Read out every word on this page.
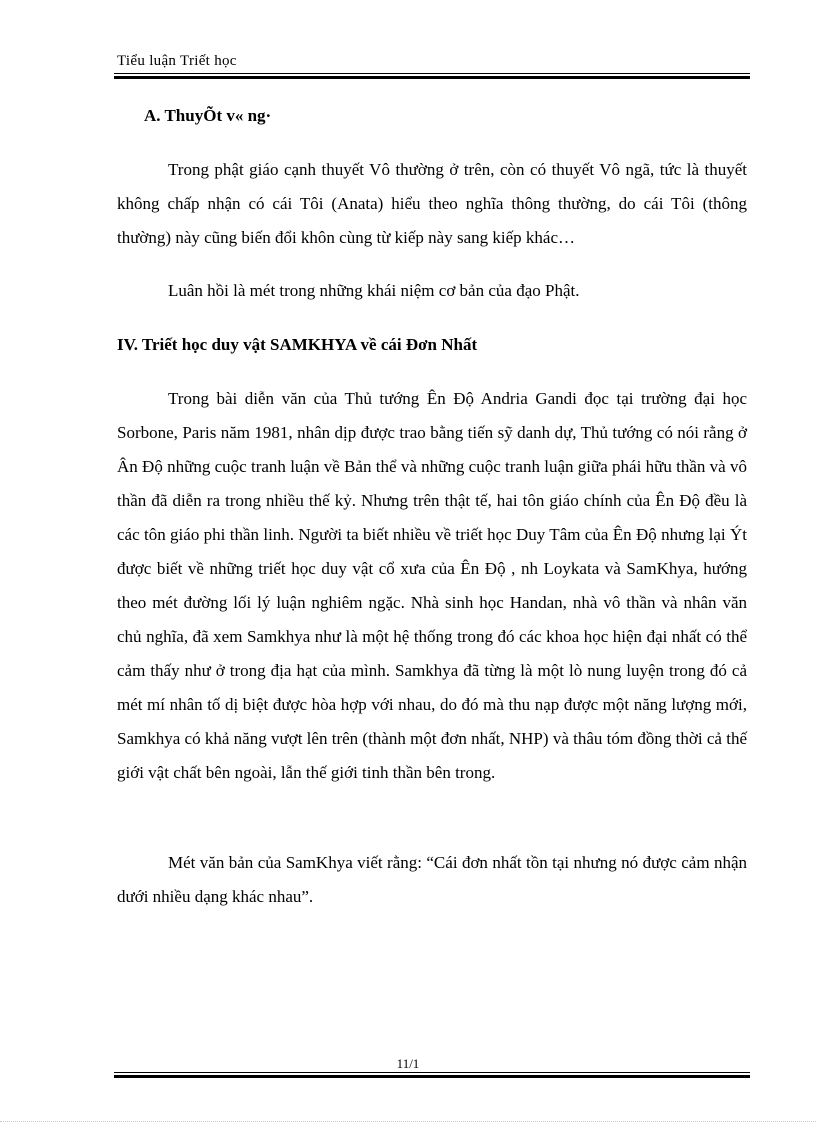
Tiểu luận Triết học
A. ThuyÕt v« ng·

Trong phật giáo cạnh thuyết Vô thường ở trên, còn có thuyết Vô ngã, tức là thuyết không chấp nhận có cái Tôi (Anata) hiểu theo nghĩa thông thường, do cái Tôi (thông thường) này cũng biến đổi khôn cùng từ kiếp này sang kiếp khác…

Luân hồi là mét trong những khái niệm cơ bản của đạo Phật.

IV. Triết học duy vật SAMKHYA về cái Đơn Nhất

Trong bài diễn văn của Thủ tướng Ên Độ Andria Gandi đọc tại trường đại học Sorbone, Paris năm 1981, nhân dịp được trao bằng tiến sỹ danh dự, Thủ tướng có nói rằng ở Ân Độ những cuộc tranh luận về Bản thể và những cuộc tranh luận giữa phái hữu thần và vô thần đã diễn ra trong nhiều thế kỷ. Nhưng trên thật tế, hai tôn giáo chính của Ên Độ đều là các tôn giáo phi thần linh. Người ta biết nhiều về triết học Duy Tâm của Ên Độ nhưng lại Ýt được biết về những triết học duy vật cổ xưa của Ên Độ , nh Loykata và SamKhya, hướng theo mét đường lối lý luận nghiêm ngặc. Nhà sinh học Handan, nhà vô thần và nhân văn chủ nghĩa, đã xem Samkhya như là một hệ thống trong đó các khoa học hiện đại nhất có thể cảm thấy như ở trong địa hạt của mình. Samkhya đã từng là một lò nung luyện trong đó cả mét mí nhân tố dị biệt được hòa hợp với nhau, do đó mà thu nạp được một năng lượng mới, Samkhya có khả năng vượt lên trên (thành một đơn nhất, NHP) và thâu tóm đồng thời cả thế giới vật chất bên ngoài, lẫn thế giới tinh thần bên trong.

Mét văn bản của SamKhya viết rằng: “Cái đơn nhất tồn tại nhưng nó được cảm nhận dưới nhiều dạng khác nhau”.

11/1
